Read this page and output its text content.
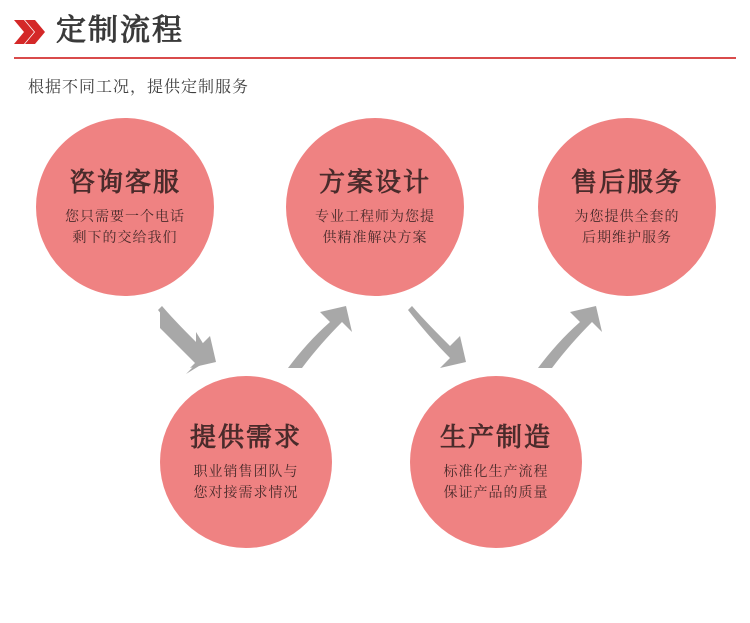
定制流程
根据不同工况，提供定制服务
咨询客服
您只需要一个电话
剩下的交给我们
方案设计
专业工程师为您提
供精准解决方案
售后服务
为您提供全套的
后期维护服务
提供需求
职业销售团队与
您对接需求情况
生产制造
标准化生产流程
保证产品的质量
